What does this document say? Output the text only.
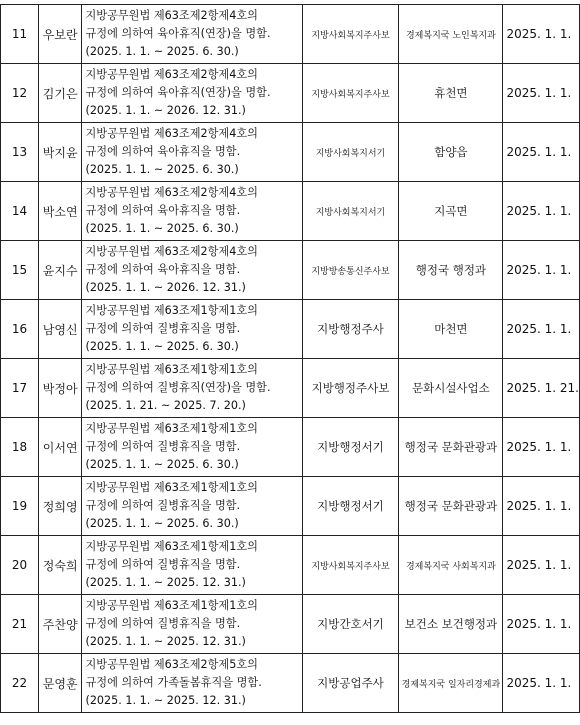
11	우보란	지방공무원법 제63조제2항제4호의
규정에 의하여 육아휴직(연장)을 명함.
(2025. 1. 1. ~ 2025. 6. 30.)	지방사회복지주사보	경제복지국 노인복지과	2025. 1. 1.
12	김기은	지방공무원법 제63조제2항제4호의
규정에 의하여 육아휴직(연장)을 명함.
(2025. 1. 1. ~ 2026. 12. 31.)	지방사회복지주사보	휴천면	2025. 1. 1.
13	박지윤	지방공무원법 제63조제2항제4호의
규정에 의하여 육아휴직을 명함.
(2025. 1. 1. ~ 2025. 6. 30.)	지방사회복지서기	함양읍	2025. 1. 1.
14	박소연	지방공무원법 제63조제2항제4호의
규정에 의하여 육아휴직을 명함.
(2025. 1. 1. ~ 2025. 6. 30.)	지방사회복지서기	지곡면	2025. 1. 1.
15	윤지수	지방공무원법 제63조제2항제4호의
규정에 의하여 육아휴직을 명함.
(2025. 1. 1. ~ 2026. 12. 31.)	지방방송통신주사보	행정국 행정과	2025. 1. 1.
16	남영신	지방공무원법 제63조제1항제1호의
규정에 의하여 질병휴직을 명함.
(2025. 1. 1. ~ 2025. 6. 30.)	지방행정주사	마천면	2025. 1. 1.
17	박정아	지방공무원법 제63조제1항제1호의
규정에 의하여 질병휴직(연장)을 명함.
(2025. 1. 21. ~ 2025. 7. 20.)	지방행정주사보	문화시설사업소	2025. 1. 21.
18	이서연	지방공무원법 제63조제1항제1호의
규정에 의하여 질병휴직을 명함.
(2025. 1. 1. ~ 2025. 6. 30.)	지방행정서기	행정국 문화관광과	2025. 1. 1.
19	정희영	지방공무원법 제63조제1항제1호의
규정에 의하여 질병휴직을 명함.
(2025. 1. 1. ~ 2025. 6. 30.)	지방행정서기	행정국 문화관광과	2025. 1. 1.
20	정숙희	지방공무원법 제63조제1항제1호의
규정에 의하여 질병휴직을 명함.
(2025. 1. 1. ~ 2025. 12. 31.)	지방사회복지주사보	경제복지국 사회복지과	2025. 1. 1.
21	주찬양	지방공무원법 제63조제1항제1호의
규정에 의하여 질병휴직을 명함.
(2025. 1. 1. ~ 2025. 12. 31.)	지방간호서기	보건소 보건행정과	2025. 1. 1.
22	문영훈	지방공무원법 제63조제2항제5호의
규정에 의하여 가족돌봄휴직을 명함.
(2025. 1. 1. ~ 2025. 12. 31.)	지방공업주사	경제복지국 일자리경제과	2025. 1. 1.
